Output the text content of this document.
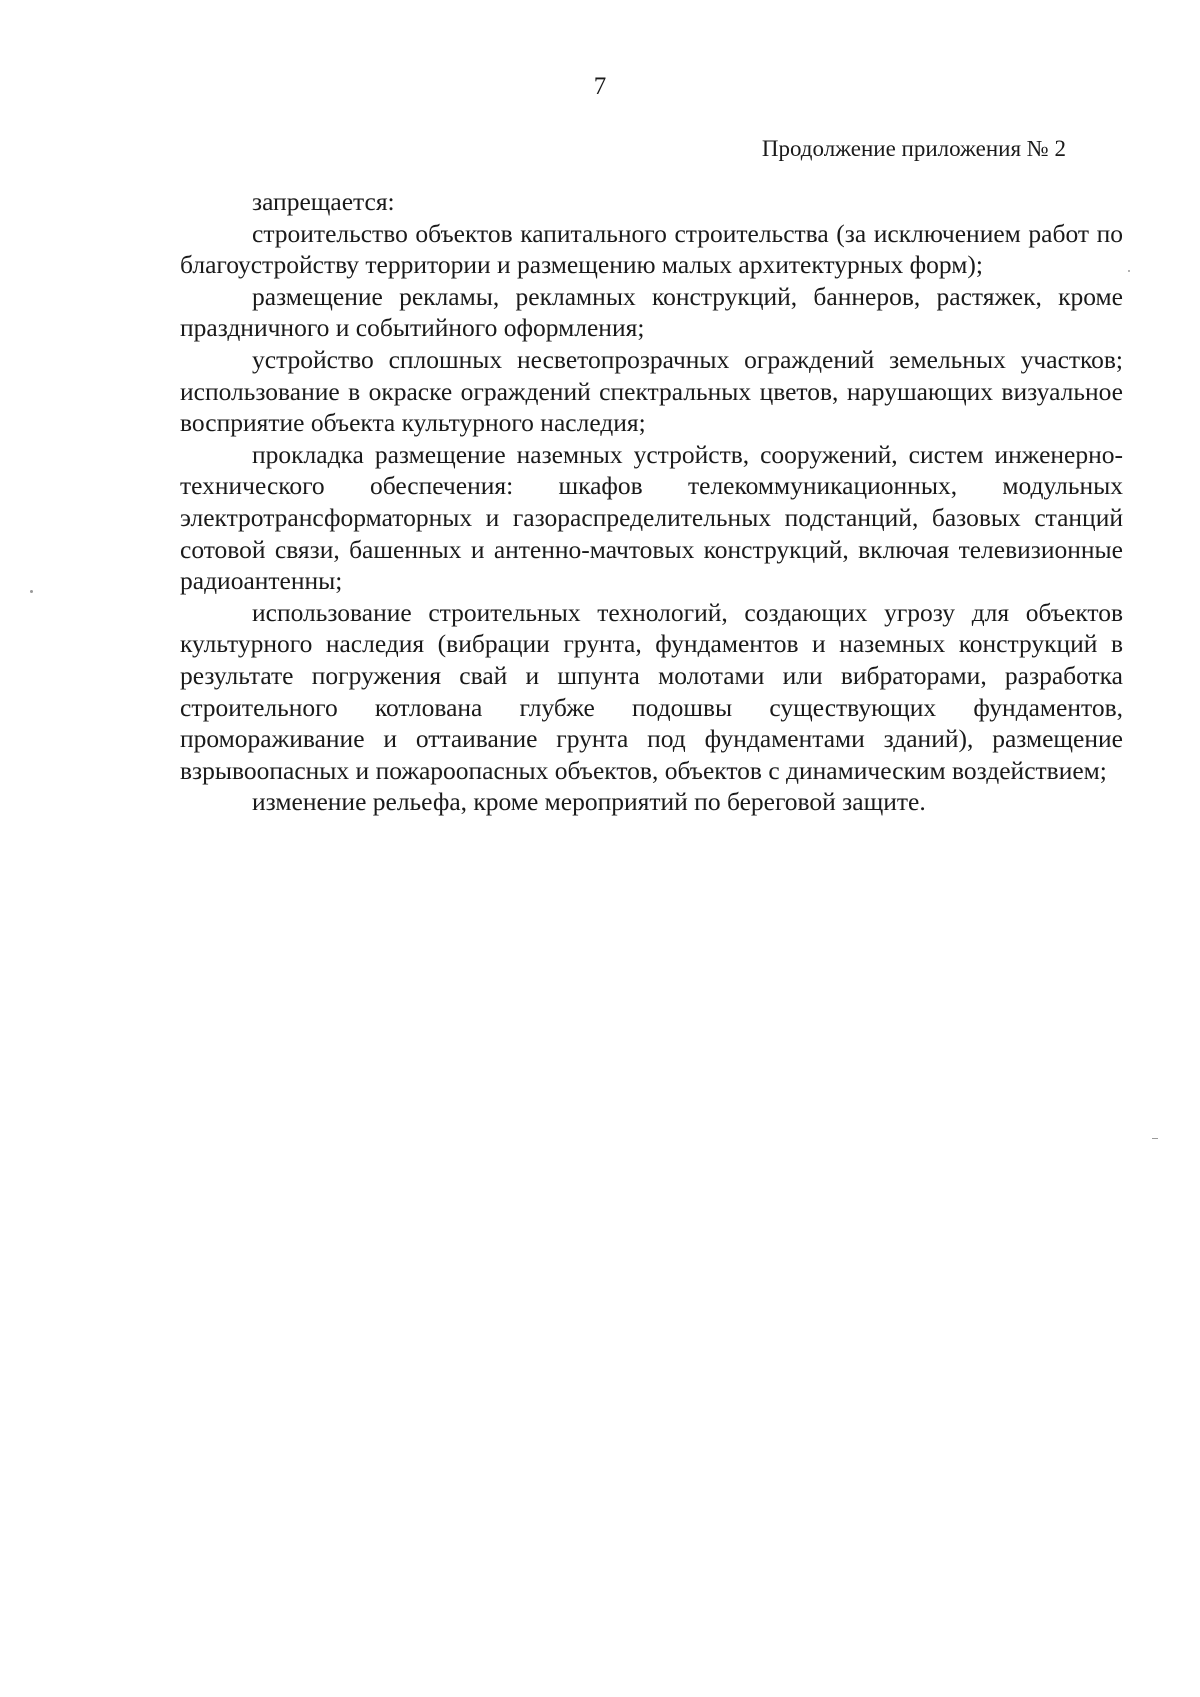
7
Продолжение приложения № 2

запрещается:

строительство объектов капитального строительства (за исключением работ по благоустройству территории и размещению малых архитектурных форм);

размещение рекламы, рекламных конструкций, баннеров, растяжек, кроме праздничного и событийного оформления;

устройство сплошных несветопрозрачных ограждений земельных участков; использование в окраске ограждений спектральных цветов, нарушающих визуальное восприятие объекта культурного наследия;

прокладка размещение наземных устройств, сооружений, систем инженерно-технического обеспечения: шкафов телекоммуникационных, модульных электротрансформаторных и газораспределительных подстанций, базовых станций сотовой связи, башенных и антенно-мачтовых конструкций, включая телевизионные радиоантенны;

использование строительных технологий, создающих угрозу для объектов культурного наследия (вибрации грунта, фундаментов и наземных конструкций в результате погружения свай и шпунта молотами или вибраторами, разработка строительного котлована глубже подошвы существующих фундаментов, промораживание и оттаивание грунта под фундаментами зданий), размещение взрывоопасных и пожароопасных объектов, объектов с динамическим воздействием;

изменение рельефа, кроме мероприятий по береговой защите.
